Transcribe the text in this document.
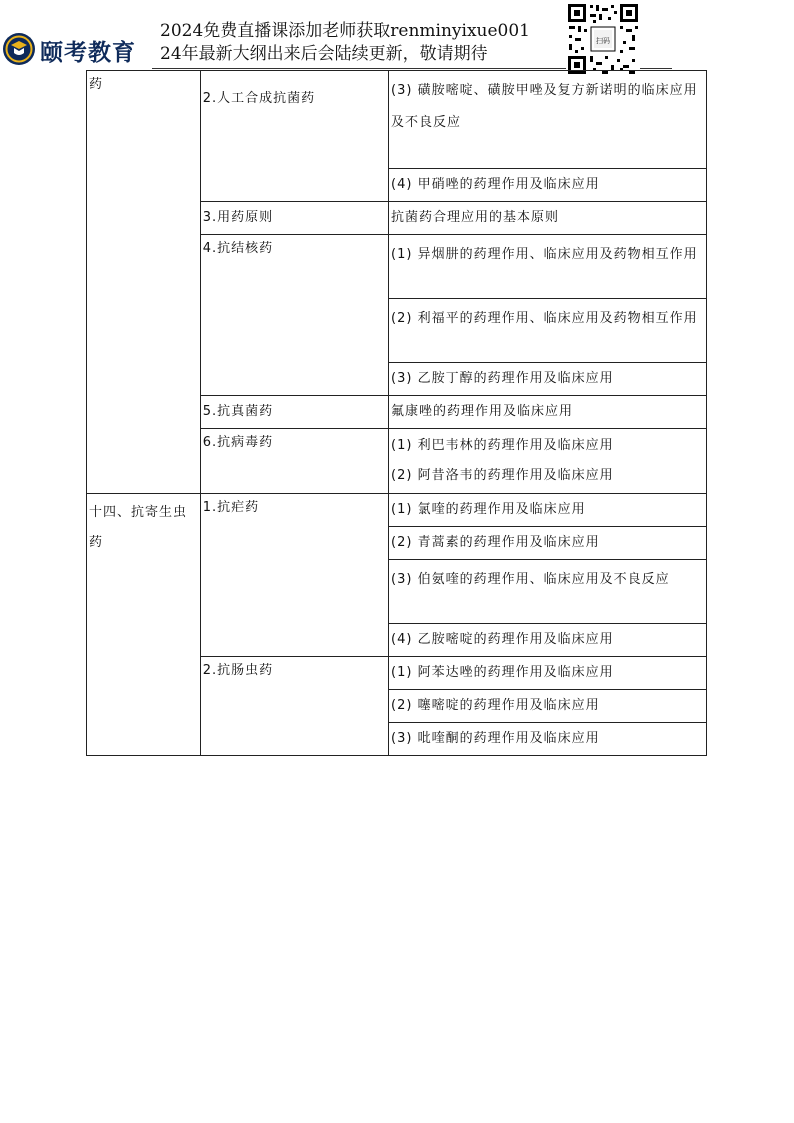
颐考教育
2024免费直播课添加老师获取renminyixue001
24年最新大纲出来后会陆续更新，敬请期待
扫码
药	2.人工合成抗菌药	(3) 磺胺嘧啶、磺胺甲唑及复方新诺明的临床应用及不良反应

		(4) 甲硝唑的药理作用及临床应用

	3.用药原则	抗菌药合理应用的基本原则

	4.抗结核药	(1) 异烟肼的药理作用、临床应用及药物相互作用

		(2) 利福平的药理作用、临床应用及药物相互作用

		(3) 乙胺丁醇的药理作用及临床应用

	5.抗真菌药	氟康唑的药理作用及临床应用

	6.抗病毒药	(1) 利巴韦林的药理作用及临床应用
(2) 阿昔洛韦的药理作用及临床应用

十四、抗寄生虫药	1.抗疟药	(1) 氯喹的药理作用及临床应用

		(2) 青蒿素的药理作用及临床应用

		(3) 伯氨喹的药理作用、临床应用及不良反应

		(4) 乙胺嘧啶的药理作用及临床应用

	2.抗肠虫药	(1) 阿苯达唑的药理作用及临床应用

		(2) 噻嘧啶的药理作用及临床应用

		(3) 吡喹酮的药理作用及临床应用
